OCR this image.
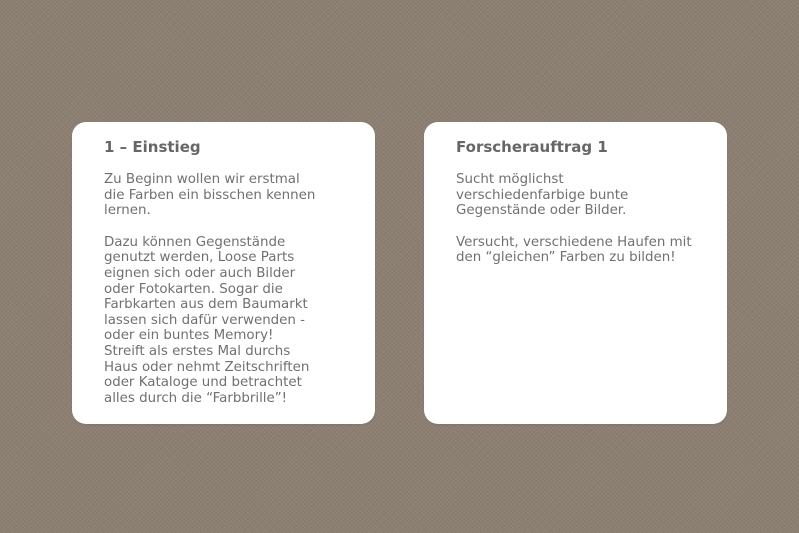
1 – Einstieg

Zu Beginn wollen wir erstmal
die Farben ein bisschen kennen
lernen.

Dazu können Gegenstände
genutzt werden, Loose Parts
eignen sich oder auch Bilder
oder Fotokarten. Sogar die
Farbkarten aus dem Baumarkt
lassen sich dafür verwenden -
oder ein buntes Memory!
Streift als erstes Mal durchs
Haus oder nehmt Zeitschriften
oder Kataloge und betrachtet
alles durch die “Farbbrille”!

Forscherauftrag 1

Sucht möglichst
verschiedenfarbige bunte
Gegenstände oder Bilder.

Versucht, verschiedene Haufen mit
den “gleichen” Farben zu bilden!
